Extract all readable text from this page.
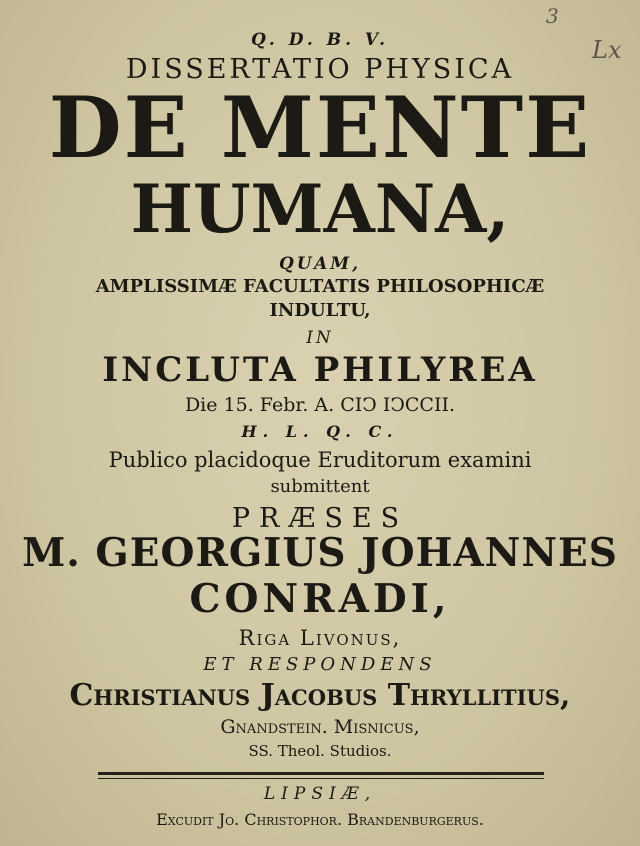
3
Lx
Q. D. B. V.
DISSERTATIO PHYSICA
DE MENTE
HUMANA,
QUAM,
AMPLISSIMÆ FACULTATIS PHILOSOPHICÆ
INDULTU,
IN
INCLUTA PHILYREA
Die 15. Febr. A. CIↃ IↃCCII.
H. L. Q. C.
Publico placidoque Eruditorum examini
submittent
PRÆSES
M. GEORGIUS JOHANNES
CONRADI,
Riga Livonus,
ET RESPONDENS
Christianus Jacobus Thryllitius,
Gnandstein. Misnicus,
SS. Theol. Studios.
LIPSIÆ,
Excudit Jo. Christophor. Brandenburgerus.
